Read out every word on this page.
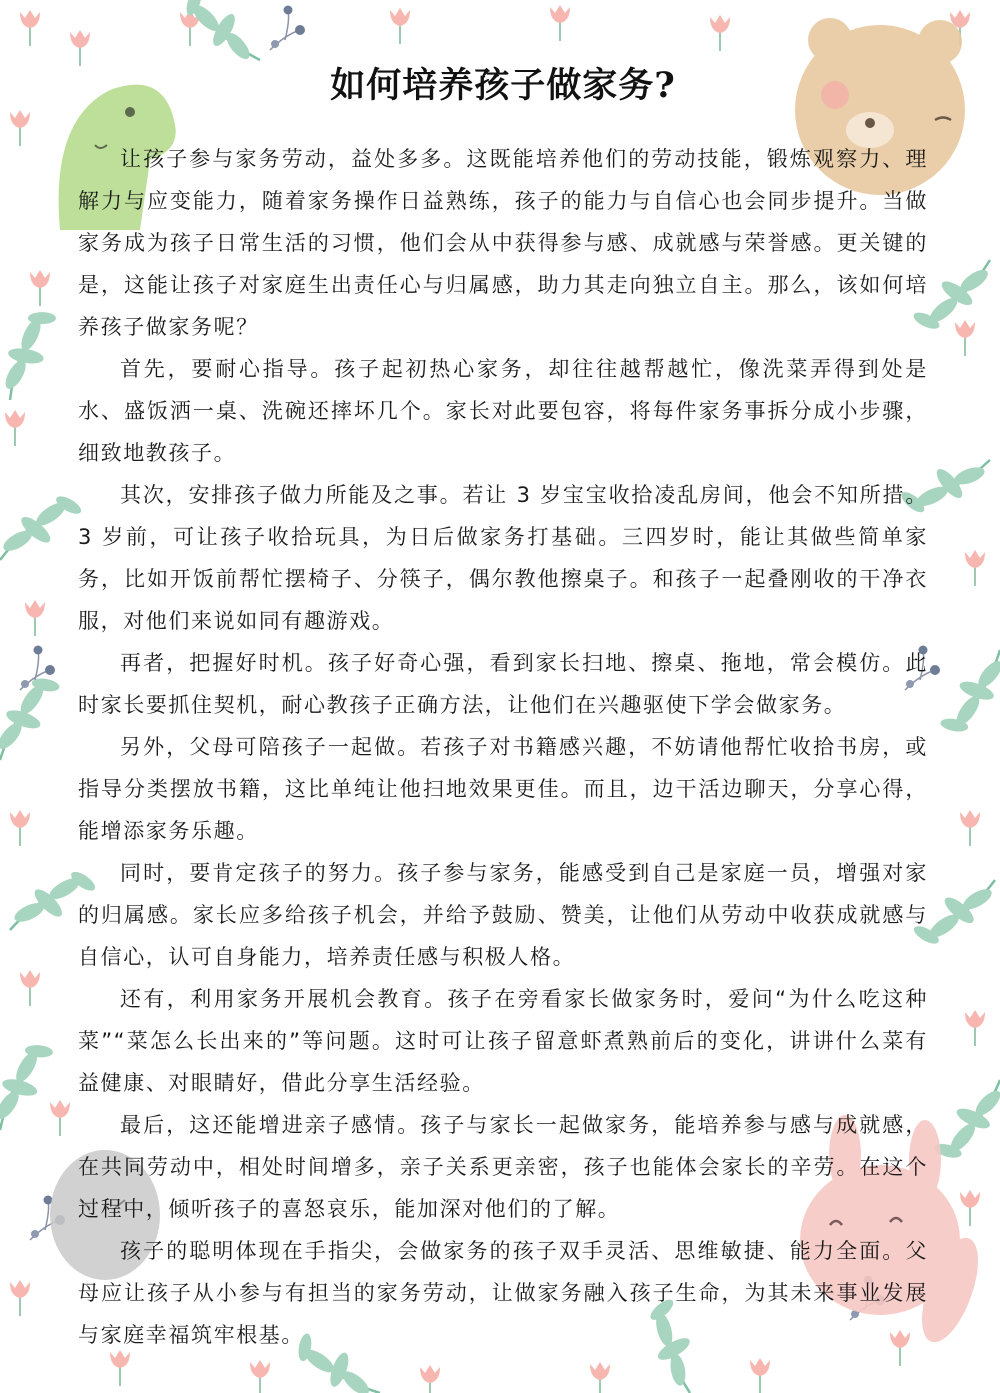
如何培养孩子做家务?

让孩子参与家务劳动，益处多多。这既能培养他们的劳动技能，锻炼观察力、理解力与应变能力，随着家务操作日益熟练，孩子的能力与自信心也会同步提升。当做家务成为孩子日常生活的习惯，他们会从中获得参与感、成就感与荣誉感。更关键的是，这能让孩子对家庭生出责任心与归属感，助力其走向独立自主。那么，该如何培养孩子做家务呢？

首先，要耐心指导。孩子起初热心家务，却往往越帮越忙，像洗菜弄得到处是水、盛饭洒一桌、洗碗还摔坏几个。家长对此要包容，将每件家务事拆分成小步骤，细致地教孩子。

其次，安排孩子做力所能及之事。若让 3 岁宝宝收拾凌乱房间，他会不知所措。3 岁前，可让孩子收拾玩具，为日后做家务打基础。三四岁时，能让其做些简单家务，比如开饭前帮忙摆椅子、分筷子，偶尔教他擦桌子。和孩子一起叠刚收的干净衣服，对他们来说如同有趣游戏。

再者，把握好时机。孩子好奇心强，看到家长扫地、擦桌、拖地，常会模仿。此时家长要抓住契机，耐心教孩子正确方法，让他们在兴趣驱使下学会做家务。

另外，父母可陪孩子一起做。若孩子对书籍感兴趣，不妨请他帮忙收拾书房，或指导分类摆放书籍，这比单纯让他扫地效果更佳。而且，边干活边聊天，分享心得，能增添家务乐趣。

同时，要肯定孩子的努力。孩子参与家务，能感受到自己是家庭一员，增强对家的归属感。家长应多给孩子机会，并给予鼓励、赞美，让他们从劳动中收获成就感与自信心，认可自身能力，培养责任感与积极人格。

还有，利用家务开展机会教育。孩子在旁看家长做家务时，爱问“为什么吃这种菜”“菜怎么长出来的”等问题。这时可让孩子留意虾煮熟前后的变化，讲讲什么菜有益健康、对眼睛好，借此分享生活经验。

最后，这还能增进亲子感情。孩子与家长一起做家务，能培养参与感与成就感，在共同劳动中，相处时间增多，亲子关系更亲密，孩子也能体会家长的辛劳。在这个过程中，倾听孩子的喜怒哀乐，能加深对他们的了解。

孩子的聪明体现在手指尖，会做家务的孩子双手灵活、思维敏捷、能力全面。父母应让孩子从小参与有担当的家务劳动，让做家务融入孩子生命，为其未来事业发展与家庭幸福筑牢根基。
